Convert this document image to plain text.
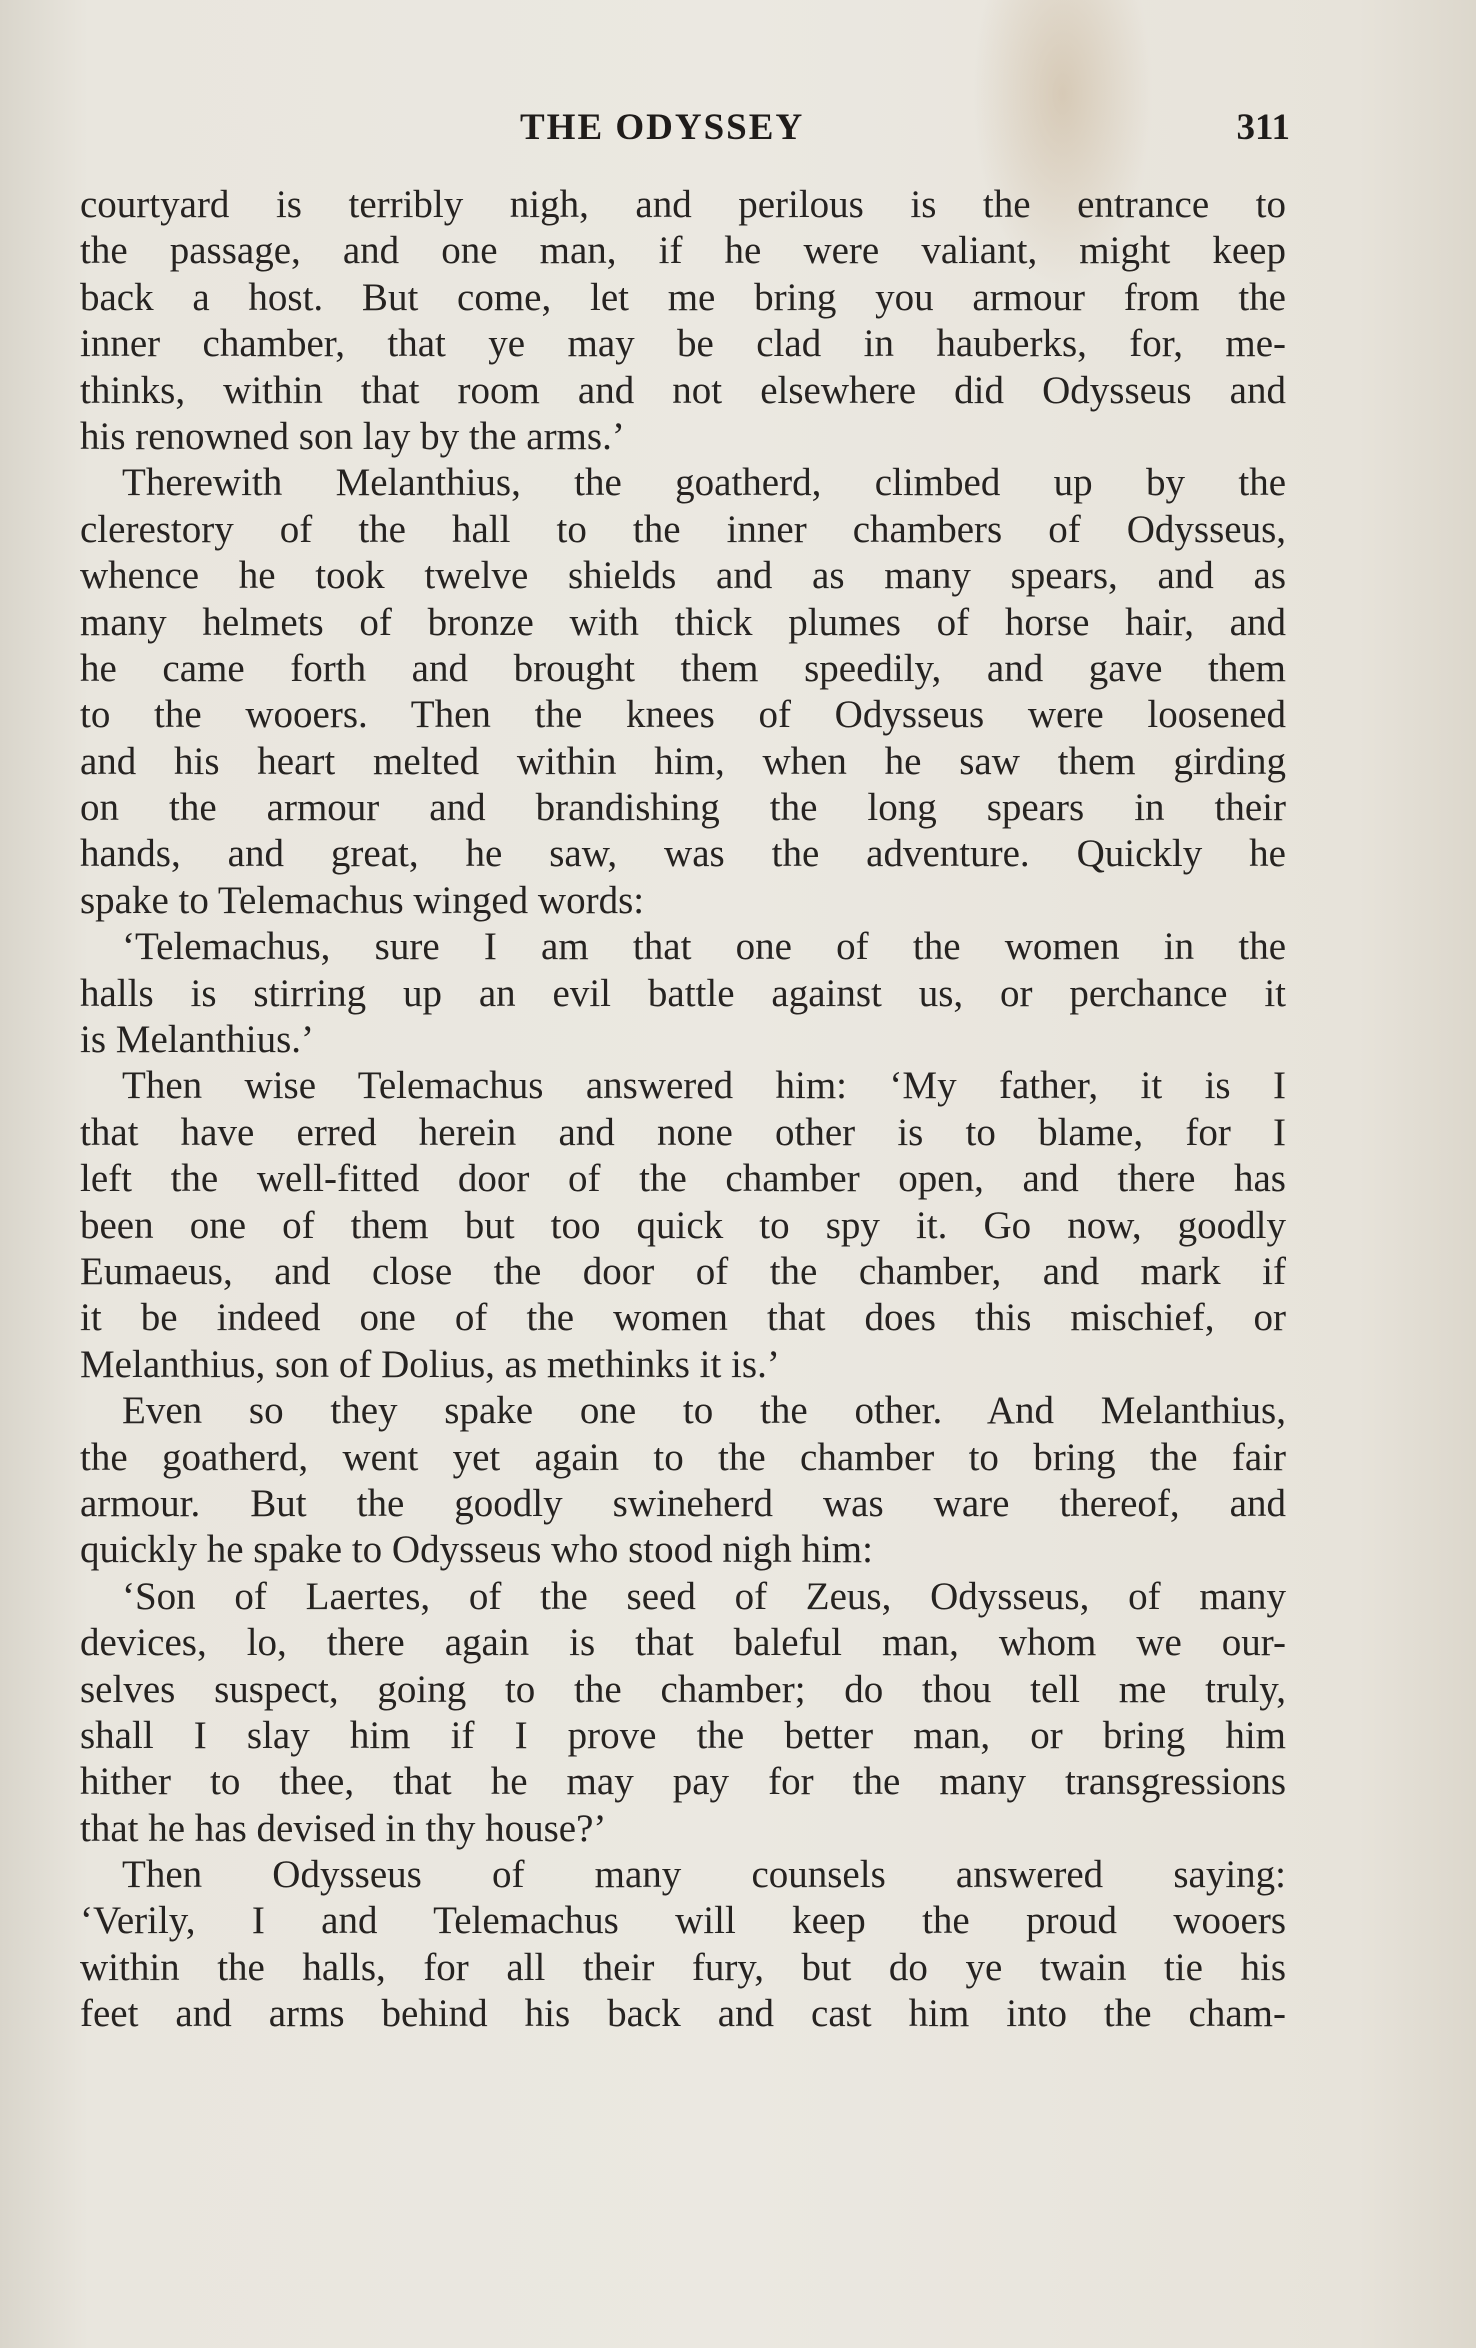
THE ODYSSEY	311
courtyard is terribly nigh, and perilous is the entrance to
the passage, and one man, if he were valiant, might keep
back a host. But come, let me bring you armour from the
inner chamber, that ye may be clad in hauberks, for, me-
thinks, within that room and not elsewhere did Odysseus and
his renowned son lay by the arms.’
Therewith Melanthius, the goatherd, climbed up by the
clerestory of the hall to the inner chambers of Odysseus,
whence he took twelve shields and as many spears, and as
many helmets of bronze with thick plumes of horse hair, and
he came forth and brought them speedily, and gave them
to the wooers. Then the knees of Odysseus were loosened
and his heart melted within him, when he saw them girding
on the armour and brandishing the long spears in their
hands, and great, he saw, was the adventure. Quickly he
spake to Telemachus winged words:
‘Telemachus, sure I am that one of the women in the
halls is stirring up an evil battle against us, or perchance it
is Melanthius.’
Then wise Telemachus answered him: ‘My father, it is I
that have erred herein and none other is to blame, for I
left the well-fitted door of the chamber open, and there has
been one of them but too quick to spy it. Go now, goodly
Eumaeus, and close the door of the chamber, and mark if
it be indeed one of the women that does this mischief, or
Melanthius, son of Dolius, as methinks it is.’
Even so they spake one to the other. And Melanthius,
the goatherd, went yet again to the chamber to bring the fair
armour. But the goodly swineherd was ware thereof, and
quickly he spake to Odysseus who stood nigh him:
‘Son of Laertes, of the seed of Zeus, Odysseus, of many
devices, lo, there again is that baleful man, whom we our-
selves suspect, going to the chamber; do thou tell me truly,
shall I slay him if I prove the better man, or bring him
hither to thee, that he may pay for the many transgressions
that he has devised in thy house?’
Then Odysseus of many counsels answered saying:
‘Verily, I and Telemachus will keep the proud wooers
within the halls, for all their fury, but do ye twain tie his
feet and arms behind his back and cast him into the cham-
